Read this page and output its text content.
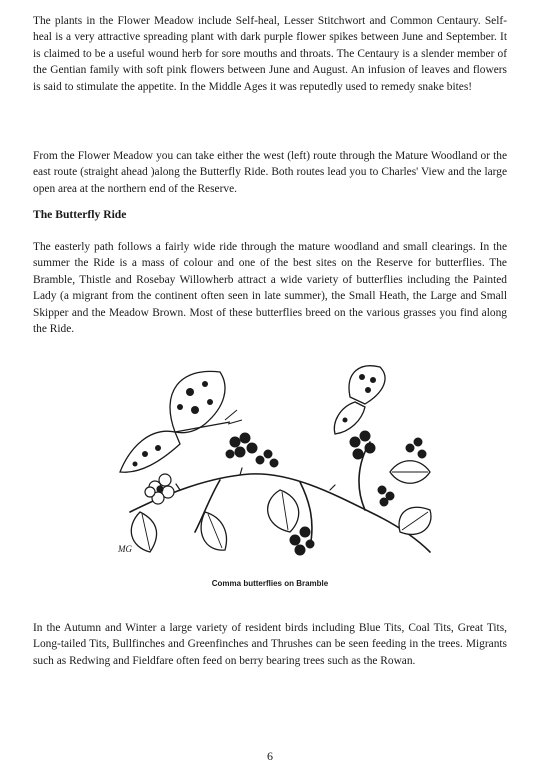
The plants in the Flower Meadow include Self-heal, Lesser Stitchwort and Common Centaury. Self-heal is a very attractive spreading plant with dark purple flower spikes between June and September. It is claimed to be a useful wound herb for sore mouths and throats. The Centaury is a slender member of the Gentian family with soft pink flowers between June and August. An infusion of leaves and flowers is said to stimulate the appetite. In the Middle Ages it was reputedly used to remedy snake bites!

From the Flower Meadow you can take either the west (left) route through the Mature Woodland or the east route (straight ahead )along the Butterfly Ride. Both routes lead you to Charles' View and the large open area at the northern end of the Reserve.

The Butterfly Ride

The easterly path follows a fairly wide ride through the mature woodland and small clearings. In the summer the Ride is a mass of colour and one of the best sites on the Reserve for butterflies. The Bramble, Thistle and Rosebay Willowherb attract a wide variety of butterflies including the Painted Lady (a migrant from the continent often seen in late summer), the Small Heath, the Large and Small Skipper and the Meadow Brown. Most of these butterflies breed on the various grasses you find along the Ride.

MG

Comma butterflies on Bramble

In the Autumn and Winter a large variety of resident birds including Blue Tits, Coal Tits, Great Tits, Long-tailed Tits, Bullfinches and Greenfinches and Thrushes can be seen feeding in the trees. Migrants such as Redwing and Fieldfare often feed on berry bearing trees such as the Rowan.

6
